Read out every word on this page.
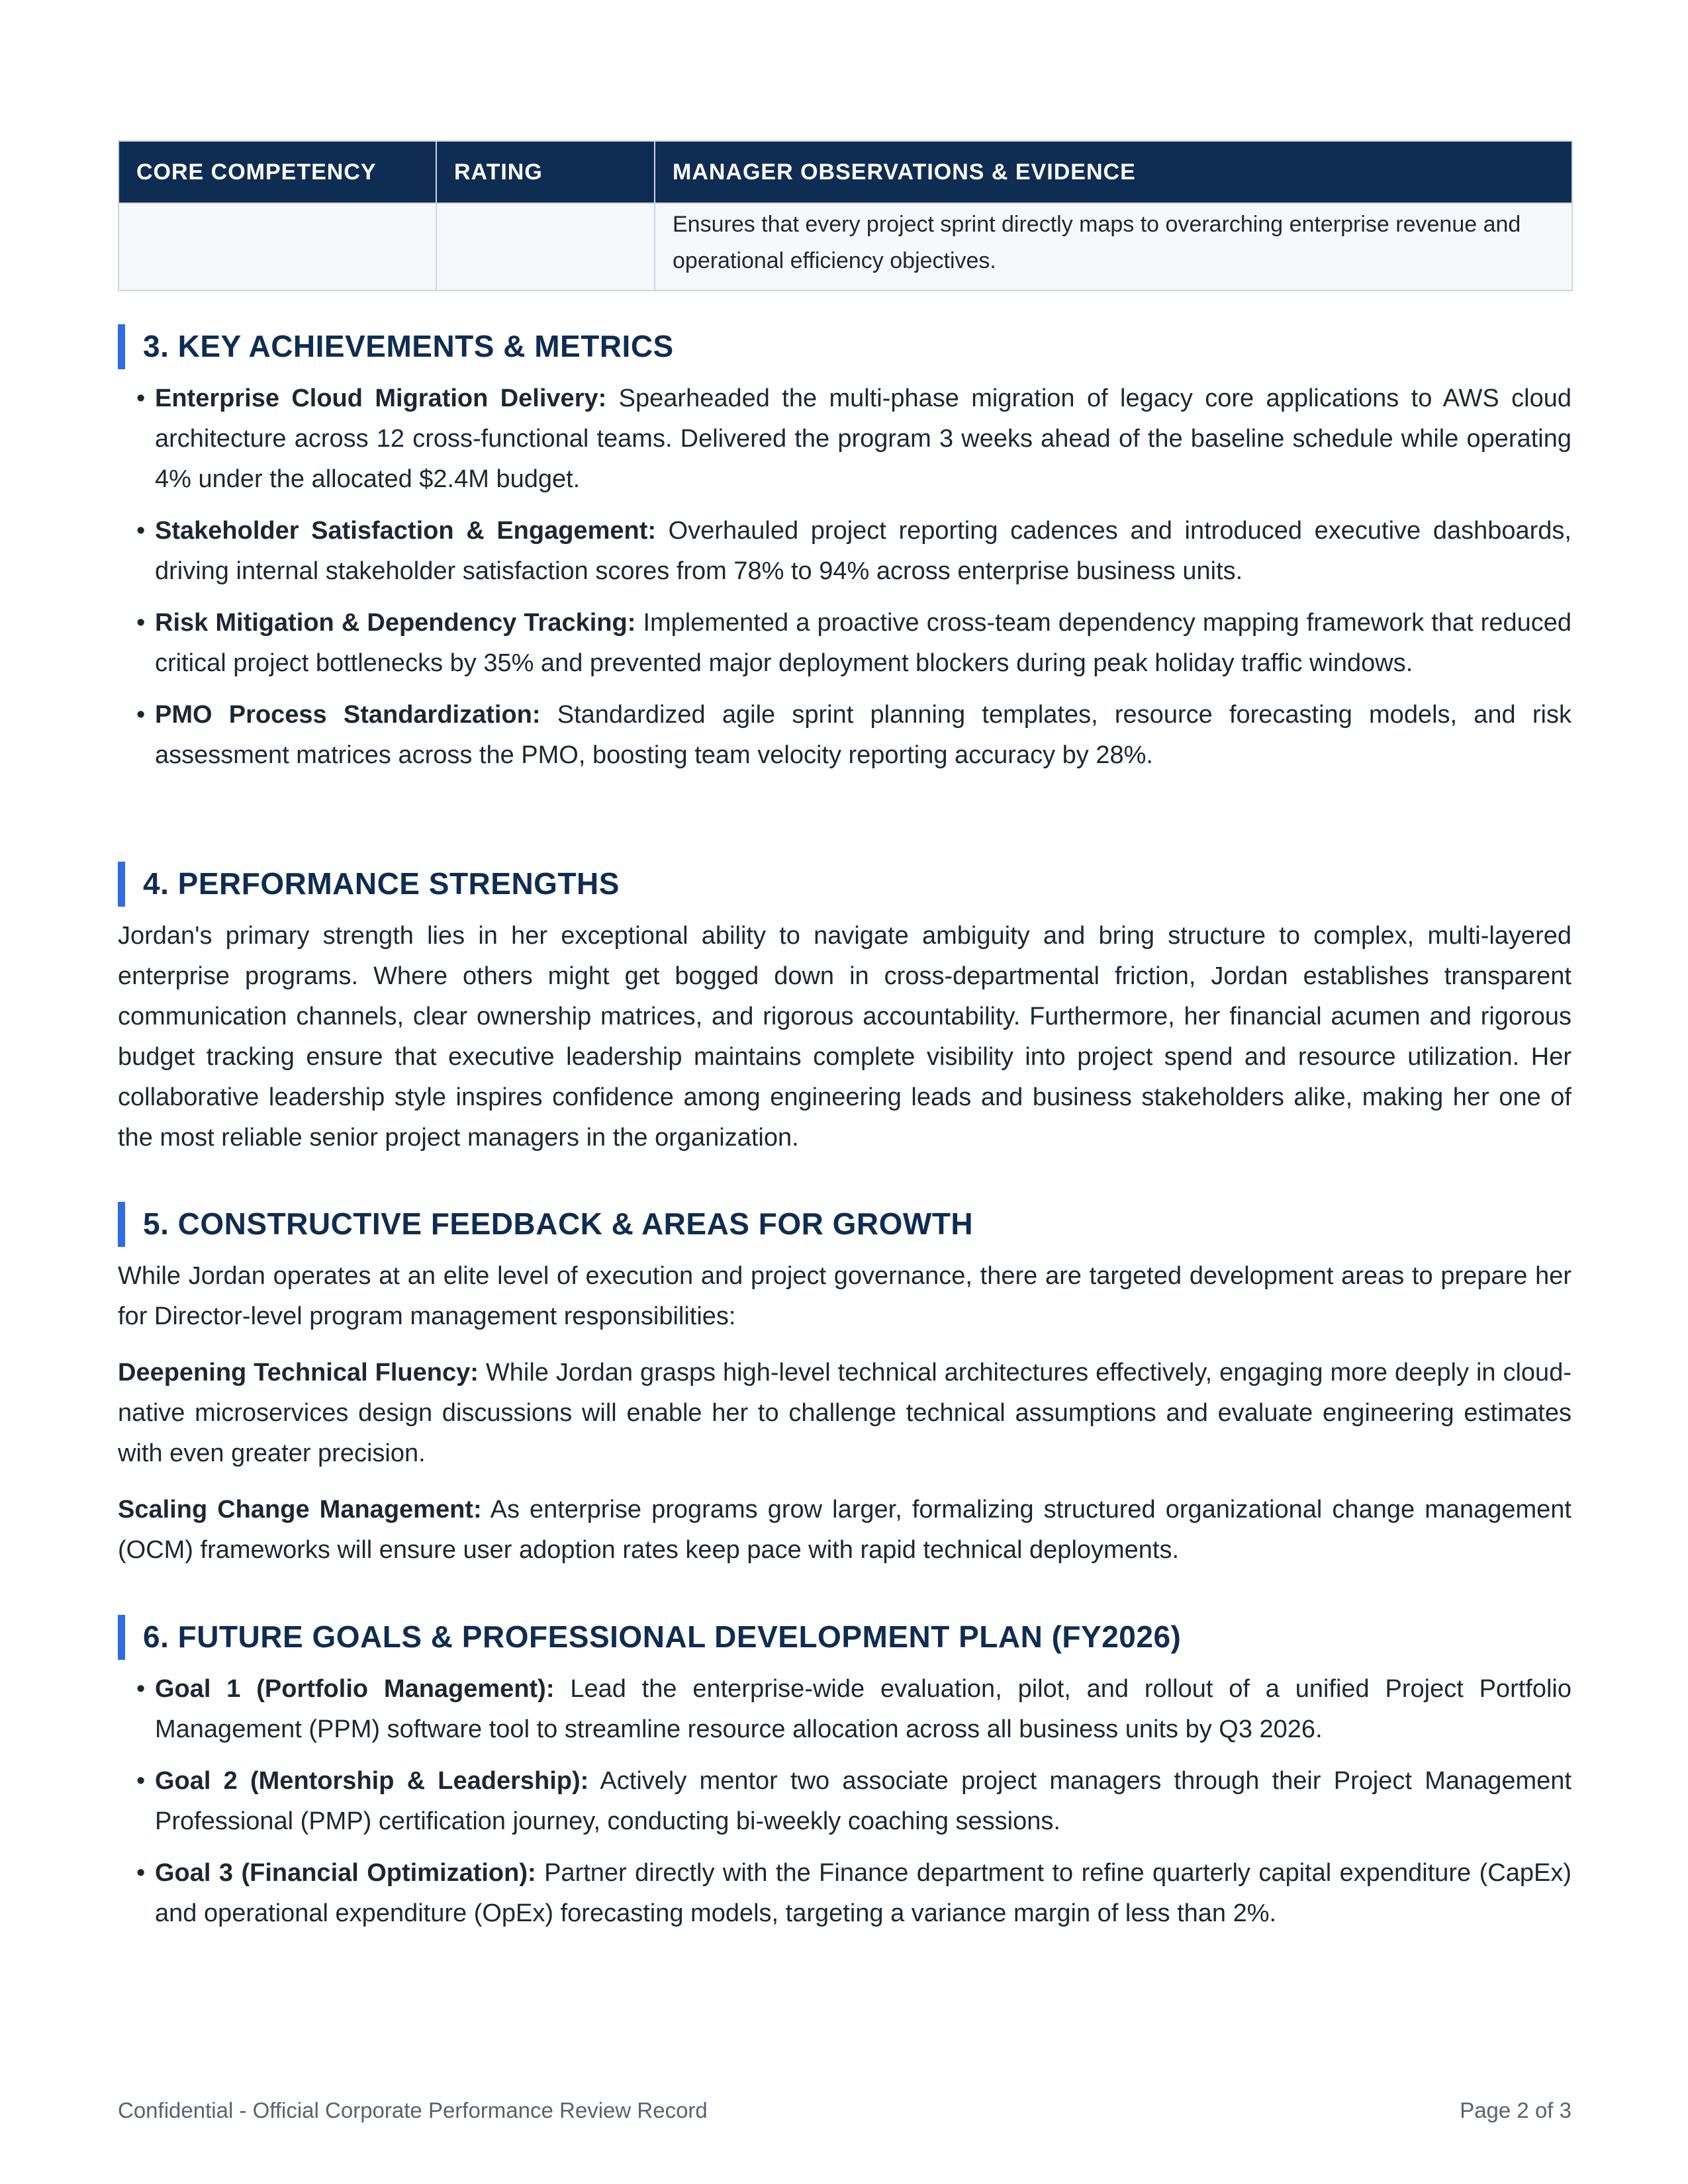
CORE COMPETENCY	RATING	MANAGER OBSERVATIONS & EVIDENCE
		Ensures that every project sprint directly maps to overarching enterprise revenue and operational efficiency objectives.
3. KEY ACHIEVEMENTS & METRICS
• Enterprise Cloud Migration Delivery: Spearheaded the multi-phase migration of legacy core applications to AWS cloud architecture across 12 cross-functional teams. Delivered the program 3 weeks ahead of the baseline schedule while operating 4% under the allocated $2.4M budget.
• Stakeholder Satisfaction & Engagement: Overhauled project reporting cadences and introduced executive dashboards, driving internal stakeholder satisfaction scores from 78% to 94% across enterprise business units.
• Risk Mitigation & Dependency Tracking: Implemented a proactive cross-team dependency mapping framework that reduced critical project bottlenecks by 35% and prevented major deployment blockers during peak holiday traffic windows.
• PMO Process Standardization: Standardized agile sprint planning templates, resource forecasting models, and risk assessment matrices across the PMO, boosting team velocity reporting accuracy by 28%.
4. PERFORMANCE STRENGTHS

Jordan's primary strength lies in her exceptional ability to navigate ambiguity and bring structure to complex, multi-layered enterprise programs. Where others might get bogged down in cross-departmental friction, Jordan establishes transparent communication channels, clear ownership matrices, and rigorous accountability. Furthermore, her financial acumen and rigorous budget tracking ensure that executive leadership maintains complete visibility into project spend and resource utilization. Her collaborative leadership style inspires confidence among engineering leads and business stakeholders alike, making her one of the most reliable senior project managers in the organization.

5. CONSTRUCTIVE FEEDBACK & AREAS FOR GROWTH

While Jordan operates at an elite level of execution and project governance, there are targeted development areas to prepare her for Director-level program management responsibilities:

Deepening Technical Fluency: While Jordan grasps high-level technical architectures effectively, engaging more deeply in cloud-native microservices design discussions will enable her to challenge technical assumptions and evaluate engineering estimates with even greater precision.

Scaling Change Management: As enterprise programs grow larger, formalizing structured organizational change management (OCM) frameworks will ensure user adoption rates keep pace with rapid technical deployments.

6. FUTURE GOALS & PROFESSIONAL DEVELOPMENT PLAN (FY2026)
• Goal 1 (Portfolio Management): Lead the enterprise-wide evaluation, pilot, and rollout of a unified Project Portfolio Management (PPM) software tool to streamline resource allocation across all business units by Q3 2026.
• Goal 2 (Mentorship & Leadership): Actively mentor two associate project managers through their Project Management Professional (PMP) certification journey, conducting bi-weekly coaching sessions.
• Goal 3 (Financial Optimization): Partner directly with the Finance department to refine quarterly capital expenditure (CapEx) and operational expenditure (OpEx) forecasting models, targeting a variance margin of less than 2%.
Confidential - Official Corporate Performance Review Record	Page 2 of 3
